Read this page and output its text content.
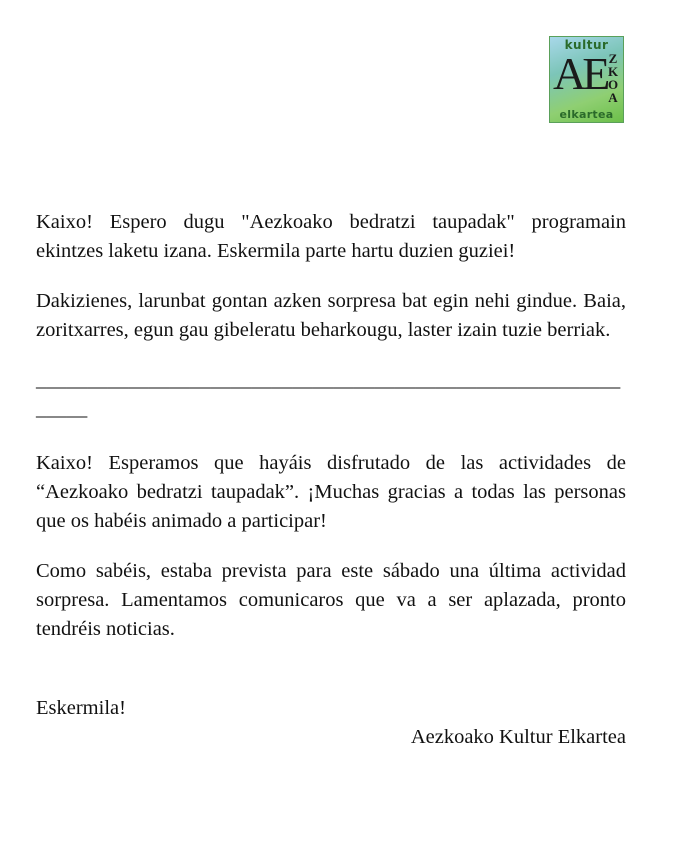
kultur
AE ZKOA
elkartea

Kaixo! Espero dugu "Aezkoako bedratzi taupadak" programain ekintzes laketu izana. Eskermila parte hartu duzien guziei!

Dakizienes, larunbat gontan azken sorpresa bat egin nehi gindue. Baia, zoritxarres, egun gau gibeleratu beharkougu, laster izain tuzie berriak.

______________________________________________________________

Kaixo! Esperamos que hayáis disfrutado de las actividades de “Aezkoako bedratzi taupadak”. ¡Muchas gracias a todas las personas que os habéis animado a participar!

Como sabéis, estaba prevista para este sábado una última actividad sorpresa. Lamentamos comunicaros que va a ser aplazada, pronto tendréis noticias.

Eskermila!
Aezkoako Kultur Elkartea
